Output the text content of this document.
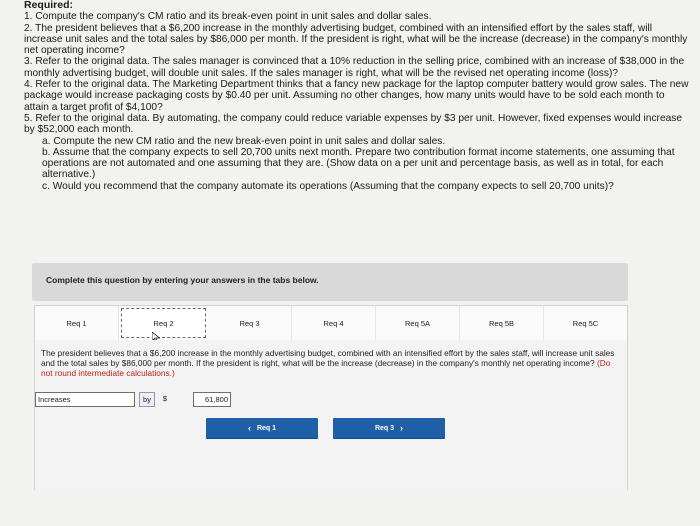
Required:

1. Compute the company's CM ratio and its break-even point in unit sales and dollar sales.

2. The president believes that a $6,200 increase in the monthly advertising budget, combined with an intensified effort by the sales staff, will increase unit sales and the total sales by $86,000 per month. If the president is right, what will be the increase (decrease) in the company's monthly net operating income?

3. Refer to the original data. The sales manager is convinced that a 10% reduction in the selling price, combined with an increase of $38,000 in the monthly advertising budget, will double unit sales. If the sales manager is right, what will be the revised net operating income (loss)?

4. Refer to the original data. The Marketing Department thinks that a fancy new package for the laptop computer battery would grow sales. The new package would increase packaging costs by $0.40 per unit. Assuming no other changes, how many units would have to be sold each month to attain a target profit of $4,100?

5. Refer to the original data. By automating, the company could reduce variable expenses by $3 per unit. However, fixed expenses would increase by $52,000 each month.

a. Compute the new CM ratio and the new break-even point in unit sales and dollar sales.

b. Assume that the company expects to sell 20,700 units next month. Prepare two contribution format income statements, one assuming that operations are not automated and one assuming that they are. (Show data on a per unit and percentage basis, as well as in total, for each alternative.)

c. Would you recommend that the company automate its operations (Assuming that the company expects to sell 20,700 units)?

Complete this question by entering your answers in the tabs below.
Req 1	Req 2	Req 3	Req 4	Req 5A	Req 5B	Req 5C
The president believes that a $6,200 increase in the monthly advertising budget, combined with an intensified effort by the sales staff, will increase unit sales and the total sales by $86,000 per month. If the president is right, what will be the increase (decrease) in the company's monthly net operating income? (Do not round intermediate calculations.)
Increases	by	$	61,800
‹ Req 1	Req 3 ›
